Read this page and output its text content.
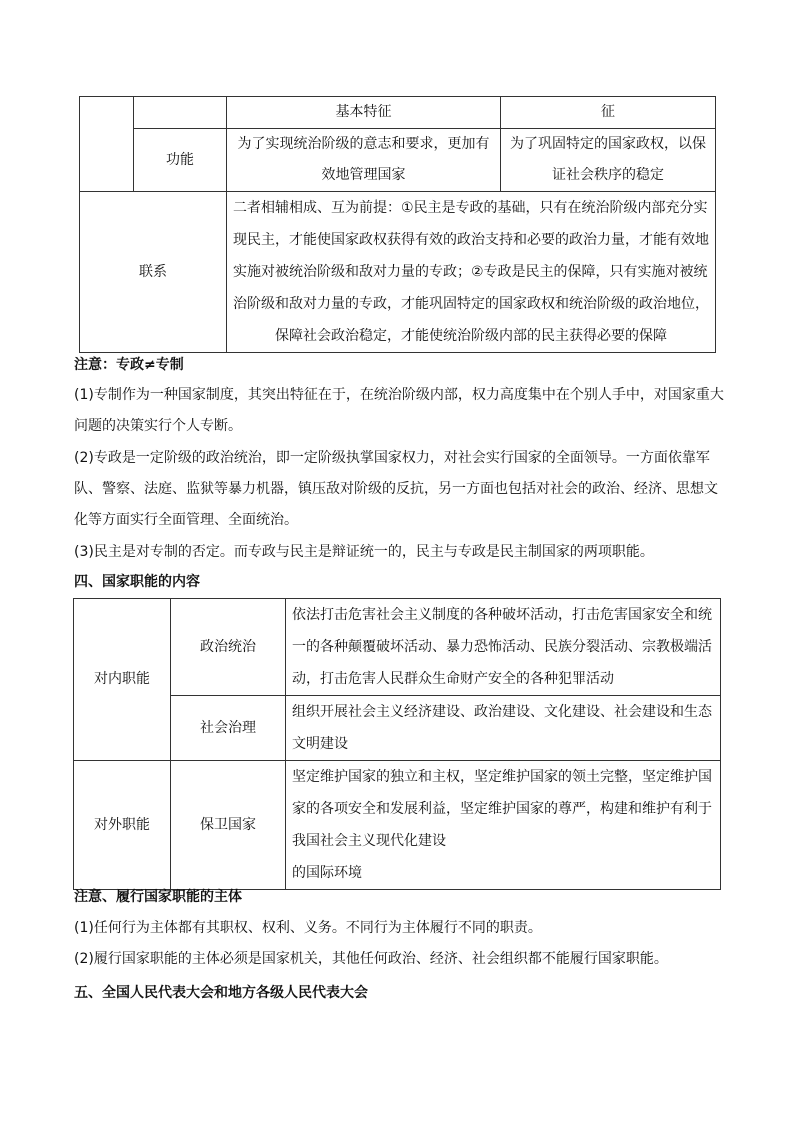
		基本特征	征
	功能	为了实现统治阶级的意志和要求，更加有效地管理国家	为了巩固特定的国家政权，以保证社会秩序的稳定
联系		二者相辅相成、互为前提：①民主是专政的基础，只有在统治阶级内部充分实现民主，才能使国家政权获得有效的政治支持和必要的政治力量，才能有效地实施对被统治阶级和敌对力量的专政；②专政是民主的保障，只有实施对被统治阶级和敌对力量的专政，才能巩固特定的国家政权和统治阶级的政治地位，
保障社会政治稳定，才能使统治阶级内部的民主获得必要的保障	
注意：专政≠专制
(1)专制作为一种国家制度，其突出特征在于，在统治阶级内部，权力高度集中在个别人手中，对国家重大问题的决策实行个人专断。
(2)专政是一定阶级的政治统治，即一定阶级执掌国家权力，对社会实行国家的全面领导。一方面依靠军队、警察、法庭、监狱等暴力机器，镇压敌对阶级的反抗，另一方面也包括对社会的政治、经济、思想文化等方面实行全面管理、全面统治。
(3)民主是对专制的否定。而专政与民主是辩证统一的，民主与专政是民主制国家的两项职能。
四、国家职能的内容
对内职能	政治统治	依法打击危害社会主义制度的各种破坏活动，打击危害国家安全和统一的各种颠覆破坏活动、暴力恐怖活动、民族分裂活动、宗教极端活动，打击危害人民群众生命财产安全的各种犯罪活动
	社会治理	组织开展社会主义经济建设、政治建设、文化建设、社会建设和生态文明建设
对外职能	保卫国家	坚定维护国家的独立和主权，坚定维护国家的领土完整，坚定维护国家的各项安全和发展利益，坚定维护国家的尊严，构建和维护有利于我国社会主义现代化建设
的国际环境
注意、履行国家职能的主体
(1)任何行为主体都有其职权、权利、义务。不同行为主体履行不同的职责。
(2)履行国家职能的主体必须是国家机关，其他任何政治、经济、社会组织都不能履行国家职能。
五、全国人民代表大会和地方各级人民代表大会
